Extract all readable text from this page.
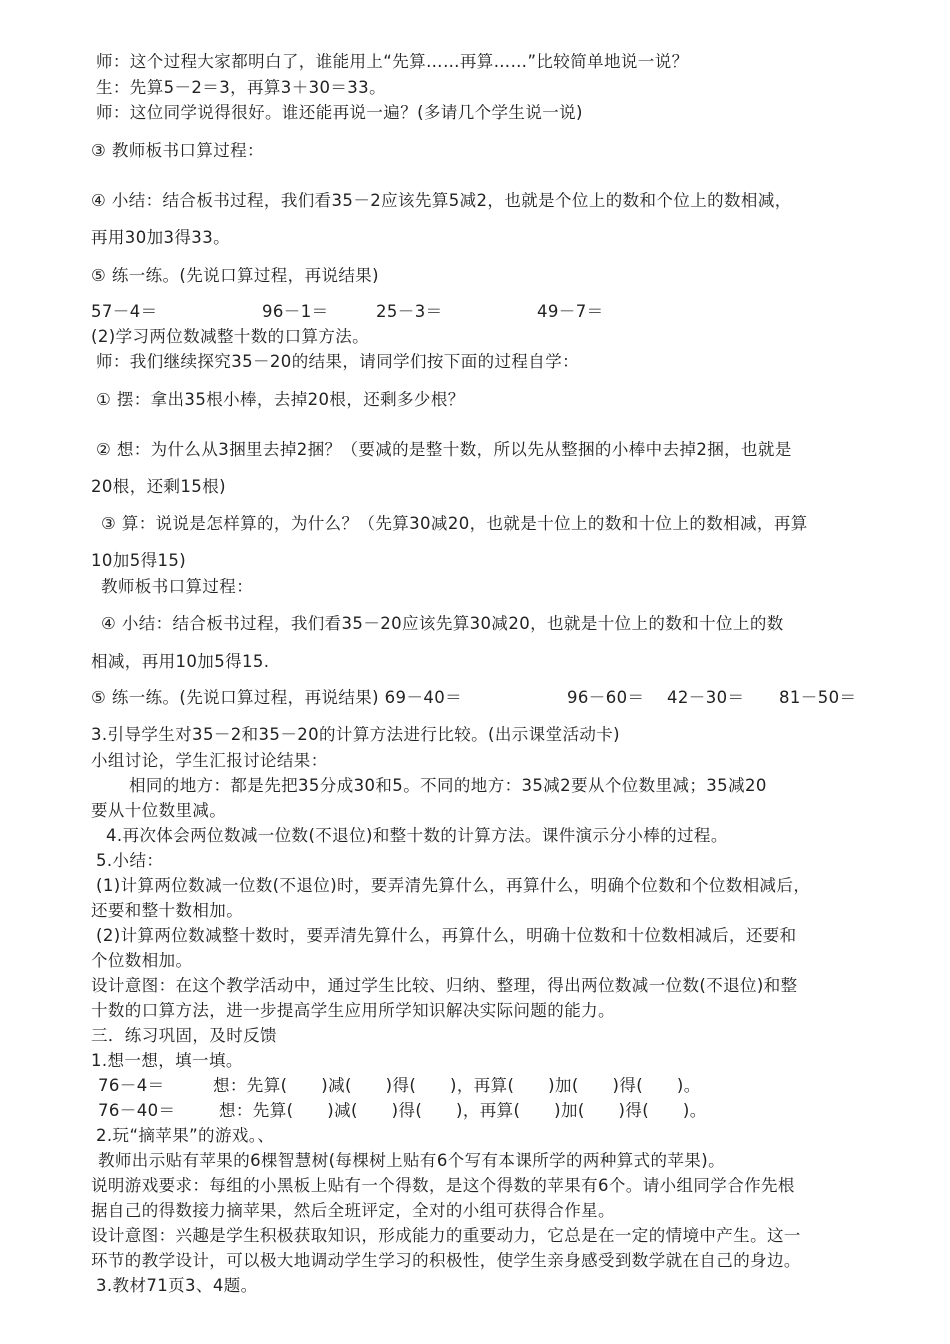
师：这个过程大家都明白了，谁能用上“先算……再算……”比较简单地说一说？
生：先算5－2＝3，再算3＋30＝33。
师：这位同学说得很好。谁还能再说一遍？(多请几个学生说一说)
③ 教师板书口算过程：
④ 小结：结合板书过程，我们看35－2应该先算5减2，也就是个位上的数和个位上的数相减，
再用30加3得33。
⑤ 练一练。(先说口算过程，再说结果)
57－4＝	96－1＝	25－3＝	49－7＝
(2)学习两位数减整十数的口算方法。
师：我们继续探究35－20的结果，请同学们按下面的过程自学：
① 摆：拿出35根小棒，去掉20根，还剩多少根？
② 想：为什么从3捆里去掉2捆？（要减的是整十数，所以先从整捆的小棒中去掉2捆，也就是
20根，还剩15根)
③ 算：说说是怎样算的，为什么？（先算30减20，也就是十位上的数和十位上的数相减，再算
10加5得15)
教师板书口算过程：
④ 小结：结合板书过程，我们看35－20应该先算30减20，也就是十位上的数和十位上的数
相减，再用10加5得15.
⑤ 练一练。(先说口算过程，再说结果) 69－40＝	96－60＝ 42－30＝ 81－50＝
3.引导学生对35－2和35－20的计算方法进行比较。(出示课堂活动卡)
小组讨论，学生汇报讨论结果：
相同的地方：都是先把35分成30和5。不同的地方：35减2要从个位数里减；35减20
要从十位数里减。
4.再次体会两位数减一位数(不退位)和整十数的计算方法。课件演示分小棒的过程。
5.小结：
(1)计算两位数减一位数(不退位)时，要弄清先算什么，再算什么，明确个位数和个位数相减后，
还要和整十数相加。
(2)计算两位数减整十数时，要弄清先算什么，再算什么，明确十位数和十位数相减后，还要和
个位数相加。
设计意图：在这个教学活动中，通过学生比较、归纳、整理，得出两位数减一位数(不退位)和整
十数的口算方法，进一步提高学生应用所学知识解决实际问题的能力。
三．练习巩固，及时反馈
1.想一想，填一填。
76－4＝	想：先算(　　)减(　　)得(　　)，再算(　　)加(　　)得(　　)。
76－40＝	想：先算(　　)减(　　)得(　　)，再算(　　)加(　　)得(　　)。
2.玩“摘苹果”的游戏。、
教师出示贴有苹果的6棵智慧树(每棵树上贴有6个写有本课所学的两种算式的苹果)。
说明游戏要求：每组的小黑板上贴有一个得数，是这个得数的苹果有6个。请小组同学合作先根
据自己的得数接力摘苹果，然后全班评定，全对的小组可获得合作星。
设计意图：兴趣是学生积极获取知识，形成能力的重要动力，它总是在一定的情境中产生。这一
环节的教学设计，可以极大地调动学生学习的积极性，使学生亲身感受到数学就在自己的身边。
3.教材71页3、4题。
